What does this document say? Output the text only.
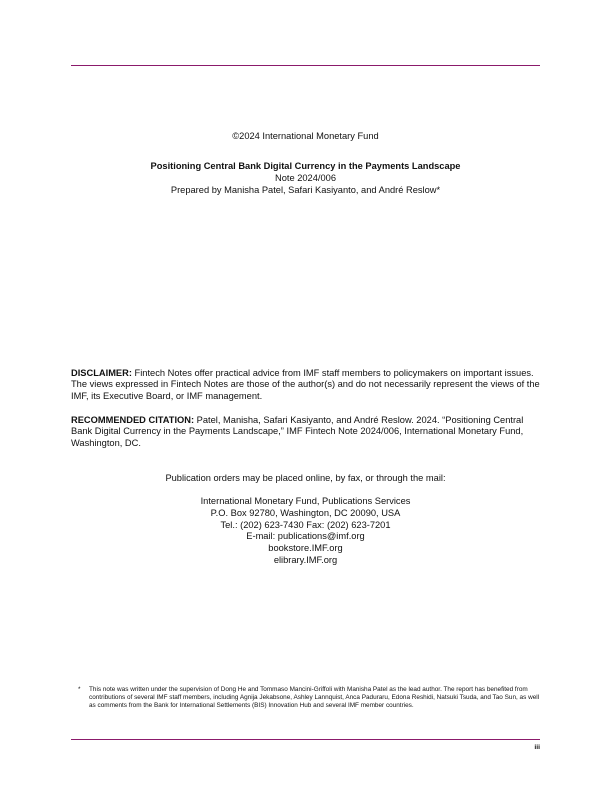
©2024 International Monetary Fund
Positioning Central Bank Digital Currency in the Payments Landscape
Note 2024/006
Prepared by Manisha Patel, Safari Kasiyanto, and André Reslow*
DISCLAIMER: Fintech Notes offer practical advice from IMF staff members to policymakers on important issues. The views expressed in Fintech Notes are those of the author(s) and do not necessarily represent the views of the IMF, its Executive Board, or IMF management.
RECOMMENDED CITATION: Patel, Manisha, Safari Kasiyanto, and André Reslow. 2024. “Positioning Central Bank Digital Currency in the Payments Landscape,” IMF Fintech Note 2024/006, International Monetary Fund, Washington, DC.
Publication orders may be placed online, by fax, or through the mail:
International Monetary Fund, Publications Services
P.O. Box 92780, Washington, DC 20090, USA
Tel.: (202) 623-7430 Fax: (202) 623-7201
E-mail: publications@imf.org
bookstore.IMF.org
elibrary.IMF.org
* This note was written under the supervision of Dong He and Tommaso Mancini-Griffoli with Manisha Patel as the lead author. The report has benefited from contributions of several IMF staff members, including Agnija Jekabsone, Ashley Lannquist, Anca Paduraru, Edona Reshidi, Natsuki Tsuda, and Tao Sun, as well as comments from the Bank for International Settlements (BIS) Innovation Hub and several IMF member countries.
iii
